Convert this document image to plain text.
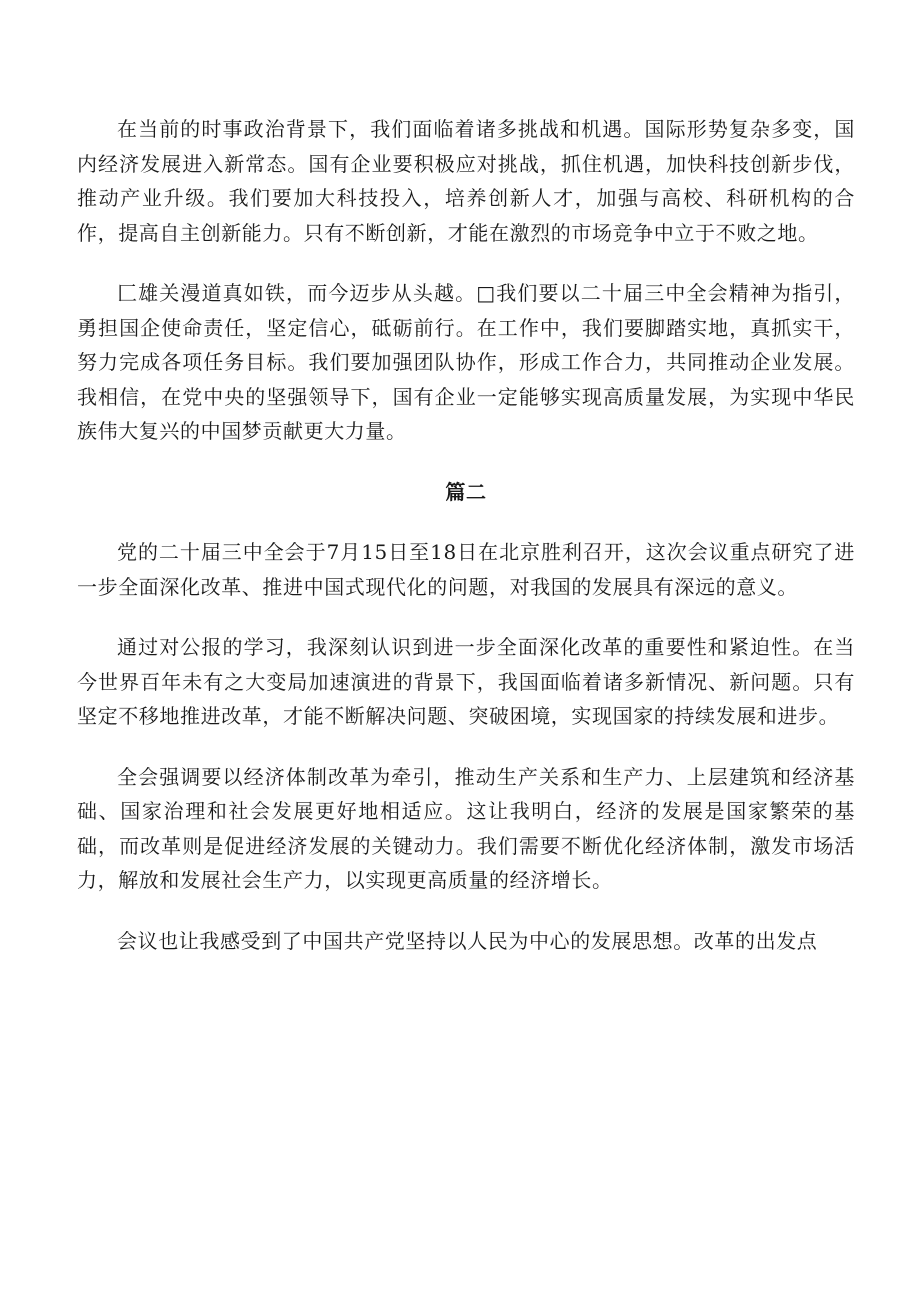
在当前的时事政治背景下，我们面临着诸多挑战和机遇。国际形势复杂多变，国内经济发展进入新常态。国有企业要积极应对挑战，抓住机遇，加快科技创新步伐，推动产业升级。我们要加大科技投入，培养创新人才，加强与高校、科研机构的合作，提高自主创新能力。只有不断创新，才能在激烈的市场竞争中立于不败之地。

匚雄关漫道真如铁，而今迈步从头越。□我们要以二十届三中全会精神为指引，勇担国企使命责任，坚定信心，砥砺前行。在工作中，我们要脚踏实地，真抓实干，努力完成各项任务目标。我们要加强团队协作，形成工作合力，共同推动企业发展。我相信，在党中央的坚强领导下，国有企业一定能够实现高质量发展，为实现中华民族伟大复兴的中国梦贡献更大力量。

篇二

党的二十届三中全会于7月15日至18日在北京胜利召开，这次会议重点研究了进一步全面深化改革、推进中国式现代化的问题，对我国的发展具有深远的意义。

通过对公报的学习，我深刻认识到进一步全面深化改革的重要性和紧迫性。在当今世界百年未有之大变局加速演进的背景下，我国面临着诸多新情况、新问题。只有坚定不移地推进改革，才能不断解决问题、突破困境，实现国家的持续发展和进步。

全会强调要以经济体制改革为牵引，推动生产关系和生产力、上层建筑和经济基础、国家治理和社会发展更好地相适应。这让我明白，经济的发展是国家繁荣的基础，而改革则是促进经济发展的关键动力。我们需要不断优化经济体制，激发市场活力，解放和发展社会生产力，以实现更高质量的经济增长。

会议也让我感受到了中国共产党坚持以人民为中心的发展思想。改革的出发点
